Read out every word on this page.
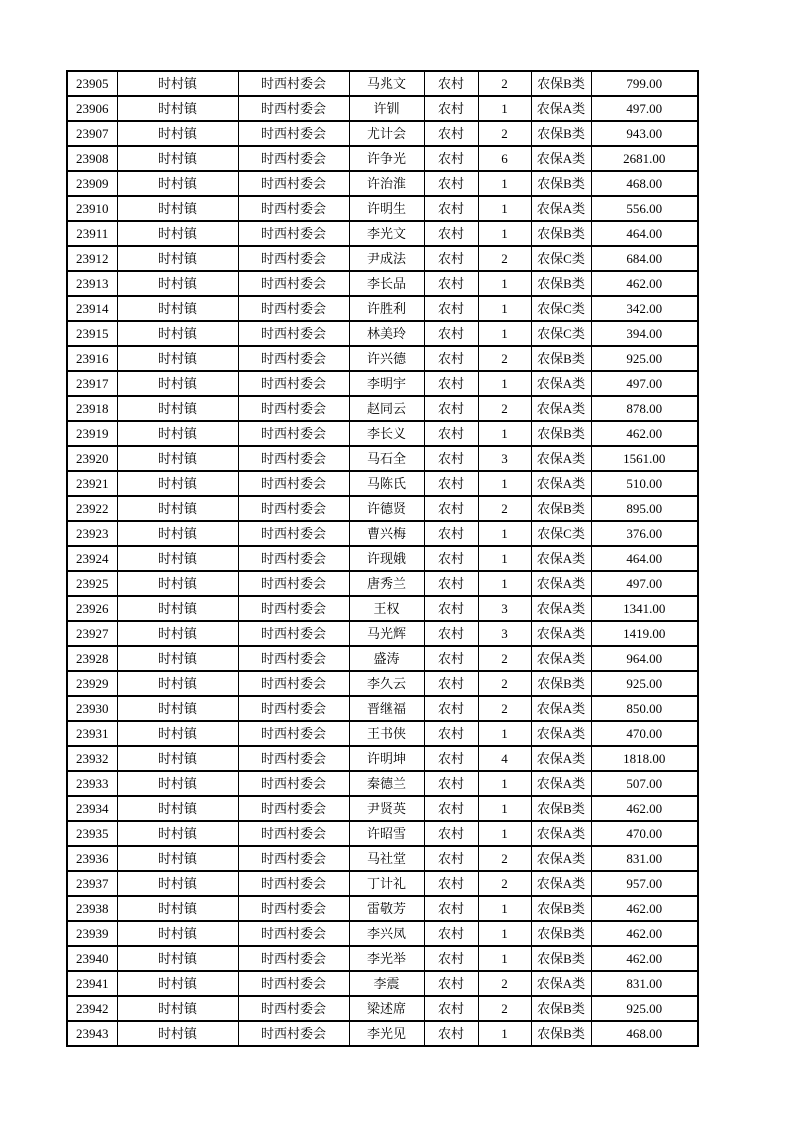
23905	时村镇	时西村委会	马兆文	农村	2	农保B类	799.00
23906	时村镇	时西村委会	许钏	农村	1	农保A类	497.00
23907	时村镇	时西村委会	尤计会	农村	2	农保B类	943.00
23908	时村镇	时西村委会	许争光	农村	6	农保A类	2681.00
23909	时村镇	时西村委会	许治淮	农村	1	农保B类	468.00
23910	时村镇	时西村委会	许明生	农村	1	农保A类	556.00
23911	时村镇	时西村委会	李光文	农村	1	农保B类	464.00
23912	时村镇	时西村委会	尹成法	农村	2	农保C类	684.00
23913	时村镇	时西村委会	李长品	农村	1	农保B类	462.00
23914	时村镇	时西村委会	许胜利	农村	1	农保C类	342.00
23915	时村镇	时西村委会	林美玲	农村	1	农保C类	394.00
23916	时村镇	时西村委会	许兴德	农村	2	农保B类	925.00
23917	时村镇	时西村委会	李明宇	农村	1	农保A类	497.00
23918	时村镇	时西村委会	赵同云	农村	2	农保A类	878.00
23919	时村镇	时西村委会	李长义	农村	1	农保B类	462.00
23920	时村镇	时西村委会	马石全	农村	3	农保A类	1561.00
23921	时村镇	时西村委会	马陈氏	农村	1	农保A类	510.00
23922	时村镇	时西村委会	许德贤	农村	2	农保B类	895.00
23923	时村镇	时西村委会	曹兴梅	农村	1	农保C类	376.00
23924	时村镇	时西村委会	许现娥	农村	1	农保A类	464.00
23925	时村镇	时西村委会	唐秀兰	农村	1	农保A类	497.00
23926	时村镇	时西村委会	王权	农村	3	农保A类	1341.00
23927	时村镇	时西村委会	马光辉	农村	3	农保A类	1419.00
23928	时村镇	时西村委会	盛涛	农村	2	农保A类	964.00
23929	时村镇	时西村委会	李久云	农村	2	农保B类	925.00
23930	时村镇	时西村委会	晋继福	农村	2	农保A类	850.00
23931	时村镇	时西村委会	王书侠	农村	1	农保A类	470.00
23932	时村镇	时西村委会	许明坤	农村	4	农保A类	1818.00
23933	时村镇	时西村委会	秦德兰	农村	1	农保A类	507.00
23934	时村镇	时西村委会	尹贤英	农村	1	农保B类	462.00
23935	时村镇	时西村委会	许昭雪	农村	1	农保A类	470.00
23936	时村镇	时西村委会	马社堂	农村	2	农保A类	831.00
23937	时村镇	时西村委会	丁计礼	农村	2	农保A类	957.00
23938	时村镇	时西村委会	雷敬芳	农村	1	农保B类	462.00
23939	时村镇	时西村委会	李兴凤	农村	1	农保B类	462.00
23940	时村镇	时西村委会	李光举	农村	1	农保B类	462.00
23941	时村镇	时西村委会	李震	农村	2	农保A类	831.00
23942	时村镇	时西村委会	梁述席	农村	2	农保B类	925.00
23943	时村镇	时西村委会	李光见	农村	1	农保B类	468.00
